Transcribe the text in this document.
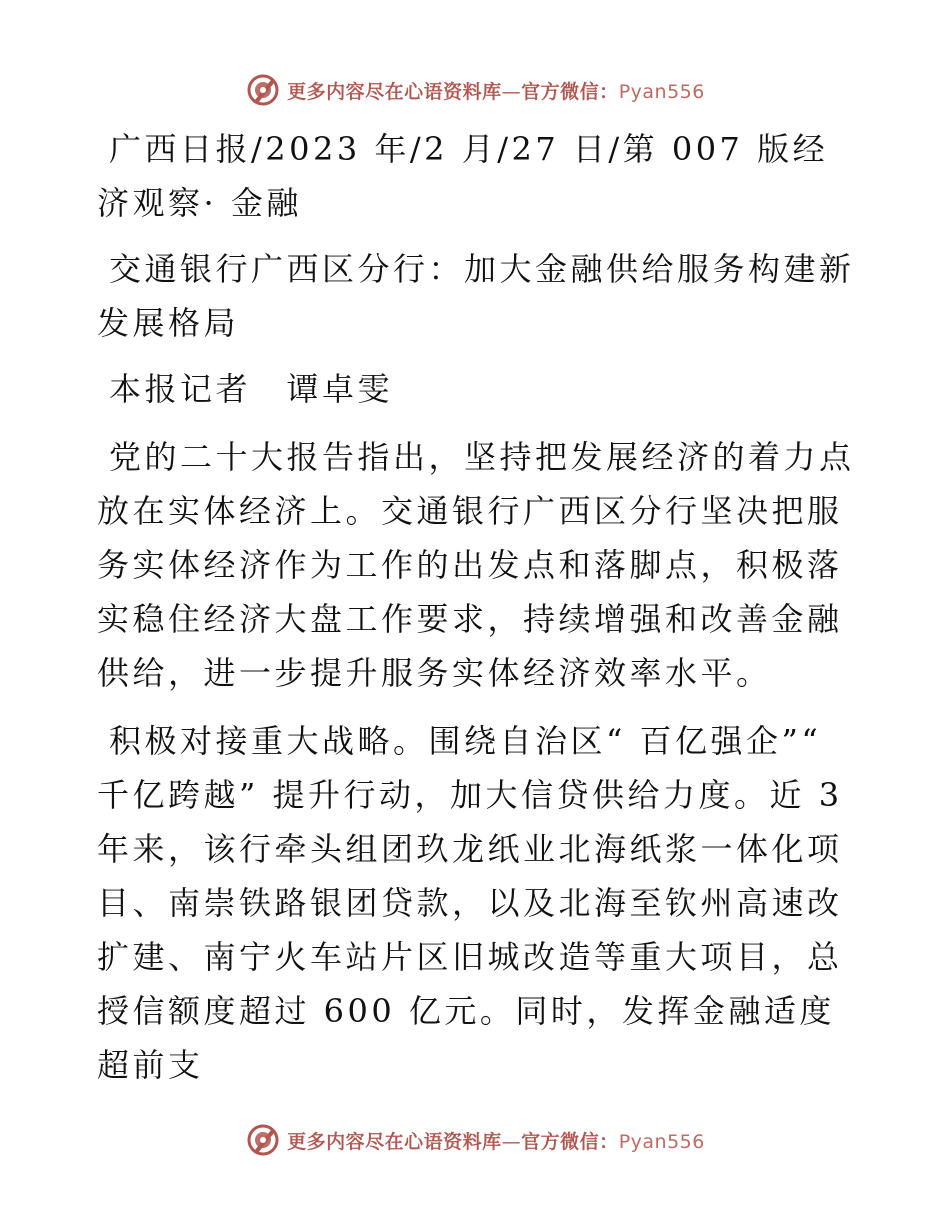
更多内容尽在心语资料库—官方微信：Pyan556

广西日报/2023 年/2 月/27 日/第 007 版经济观察· 金融

交通银行广西区分行：加大金融供给服务构建新发展格局

本报记者　谭卓雯

党的二十大报告指出，坚持把发展经济的着力点放在实体经济上。交通银行广西区分行坚决把服务实体经济作为工作的出发点和落脚点，积极落实稳住经济大盘工作要求，持续增强和改善金融供给，进一步提升服务实体经济效率水平。

积极对接重大战略。围绕自治区“ 百亿强企”“ 千亿跨越” 提升行动，加大信贷供给力度。近 3 年来，该行牵头组团玖龙纸业北海纸浆一体化项目、南崇铁路银团贷款，以及北海至钦州高速改扩建、南宁火车站片区旧城改造等重大项目，总授信额度超过 600 亿元。同时，发挥金融适度超前支

更多内容尽在心语资料库—官方微信：Pyan556
